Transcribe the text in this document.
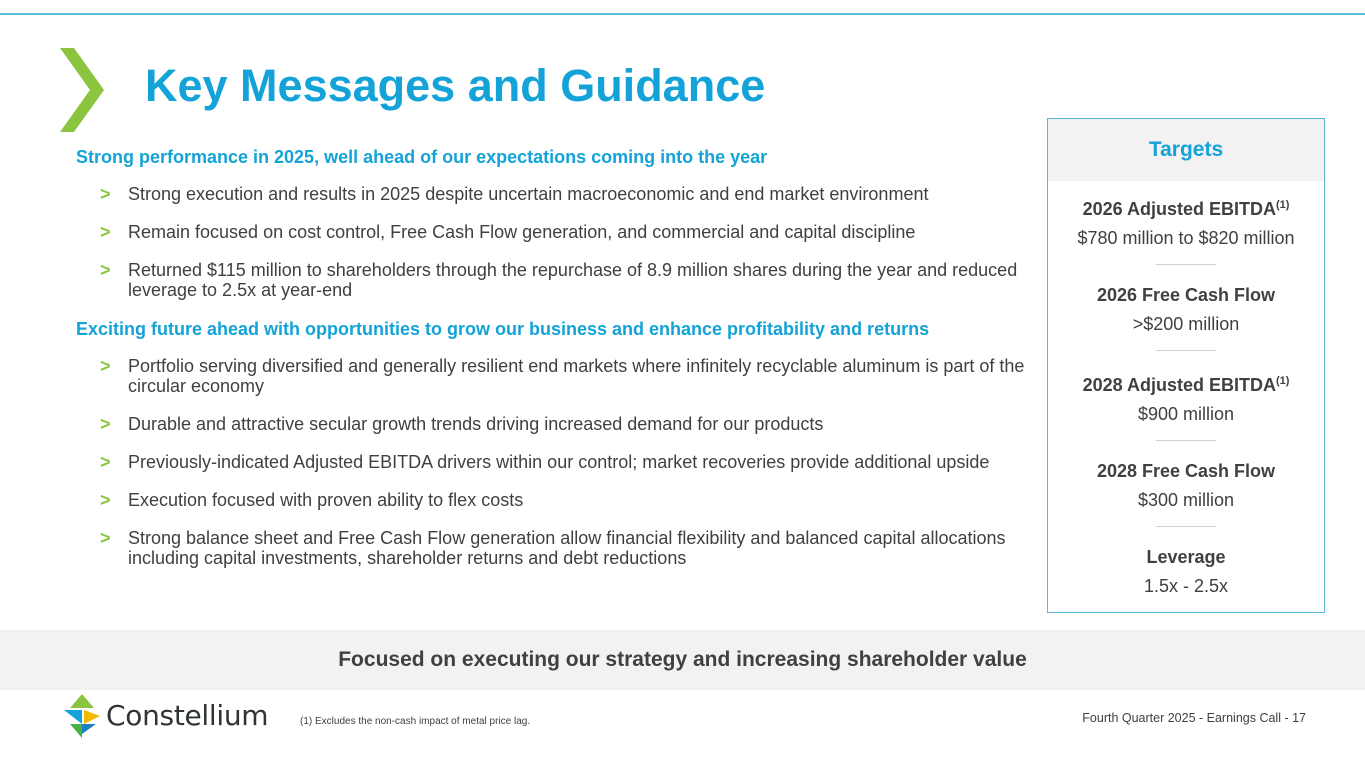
Key Messages and Guidance
Strong performance in 2025, well ahead of our expectations coming into the year
> Strong execution and results in 2025 despite uncertain macroeconomic and end market environment
> Remain focused on cost control, Free Cash Flow generation, and commercial and capital discipline
> Returned $115 million to shareholders through the repurchase of 8.9 million shares during the year and reduced leverage to 2.5x at year-end
Exciting future ahead with opportunities to grow our business and enhance profitability and returns
> Portfolio serving diversified and generally resilient end markets where infinitely recyclable aluminum is part of the circular economy
> Durable and attractive secular growth trends driving increased demand for our products
> Previously-indicated Adjusted EBITDA drivers within our control; market recoveries provide additional upside
> Execution focused with proven ability to flex costs
> Strong balance sheet and Free Cash Flow generation allow financial flexibility and balanced capital allocations including capital investments, shareholder returns and debt reductions
Targets
2026 Adjusted EBITDA$^{(1)}$
$780 million to $820 million
2026 Free Cash Flow
>$200 million
2028 Adjusted EBITDA$^{(1)}$
$900 million
2028 Free Cash Flow
$300 million
Leverage
1.5x - 2.5x
Focused on executing our strategy and increasing shareholder value
Constellium	(1) Excludes the non-cash impact of metal price lag.	Fourth Quarter 2025 - Earnings Call - 17
